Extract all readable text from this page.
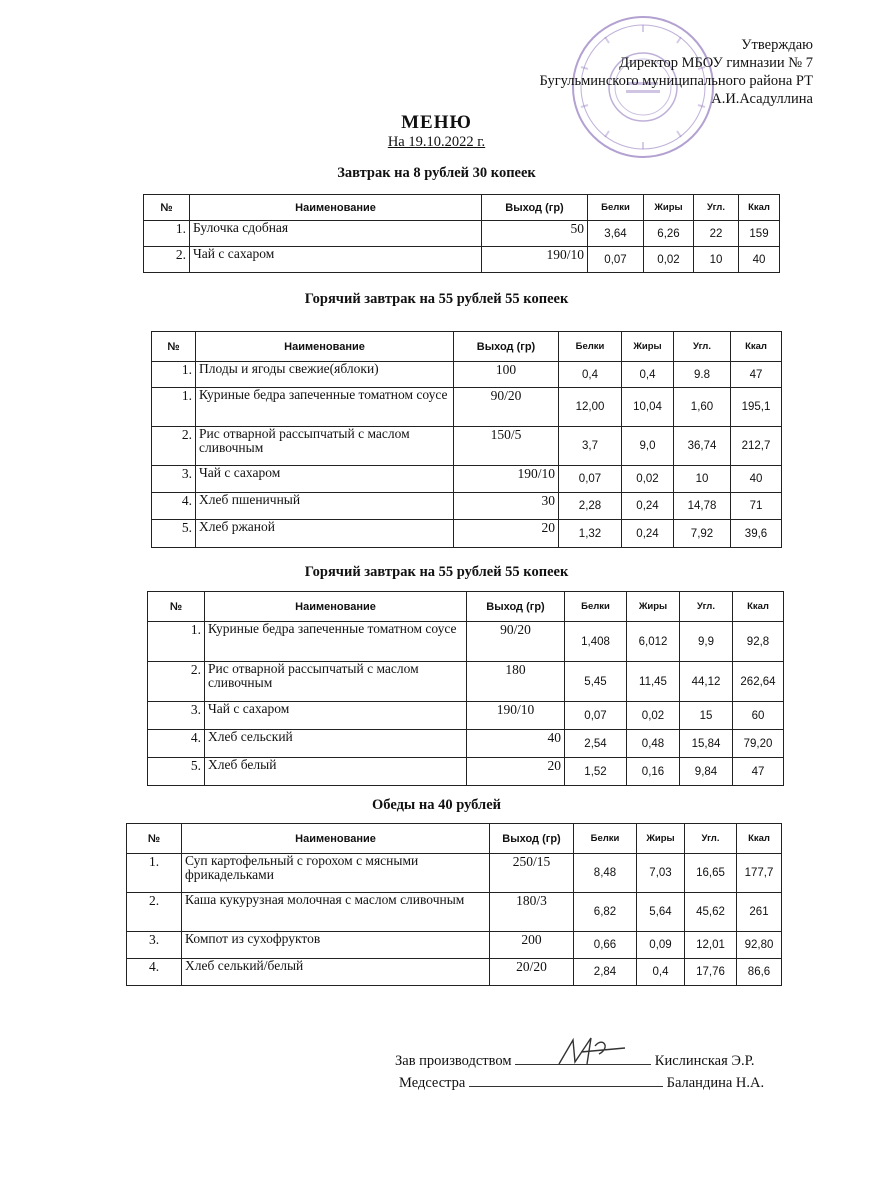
Утверждаю
Директор МБОУ гимназии № 7
Бугульминского муниципального района РТ
А.И.Асадуллина
МЕНЮ
На 19.10.2022 г.
Завтрак на 8 рублей 30 копеек
№	Наименование	Выход (гр)	Белки	Жиры	Угл.	Ккал
1.	Булочка сдобная	50	3,64	6,26	22	159
2.	Чай с сахаром	190/10	0,07	0,02	10	40
Горячий завтрак на 55 рублей 55 копеек
№	Наименование	Выход (гр)	Белки	Жиры	Угл.	Ккал
1.	Плоды и ягоды свежие(яблоки)	100	0,4	0,4	9.8	47
1.	Куриные бедра запеченные томатном соусе	90/20	12,00	10,04	1,60	195,1
2.	Рис отварной рассыпчатый с маслом сливочным	150/5	3,7	9,0	36,74	212,7
3.	Чай с сахаром	190/10	0,07	0,02	10	40
4.	Хлеб пшеничный	30	2,28	0,24	14,78	71
5.	Хлеб ржаной	20	1,32	0,24	7,92	39,6
Горячий завтрак на 55 рублей 55 копеек
№	Наименование	Выход (гр)	Белки	Жиры	Угл.	Ккал
1.	Куриные бедра запеченные томатном соусе	90/20	1,408	6,012	9,9	92,8
2.	Рис отварной рассыпчатый с маслом сливочным	180	5,45	11,45	44,12	262,64
3.	Чай с сахаром	190/10	0,07	0,02	15	60
4.	Хлеб сельский	40	2,54	0,48	15,84	79,20
5.	Хлеб белый	20	1,52	0,16	9,84	47
Обеды на 40 рублей
№	Наименование	Выход (гр)	Белки	Жиры	Угл.	Ккал
1.	Суп картофельный с горохом с мясными фрикадельками	250/15	8,48	7,03	16,65	177,7
2.	Каша кукурузная молочная с маслом сливочным	180/3	6,82	5,64	45,62	261
3.	Компот из сухофруктов	200	0,66	0,09	12,01	92,80
4.	Хлеб селький/белый	20/20	2,84	0,4	17,76	86,6
Зав производством	Кислинская Э.Р.
Медсестра	Баландина Н.А.
